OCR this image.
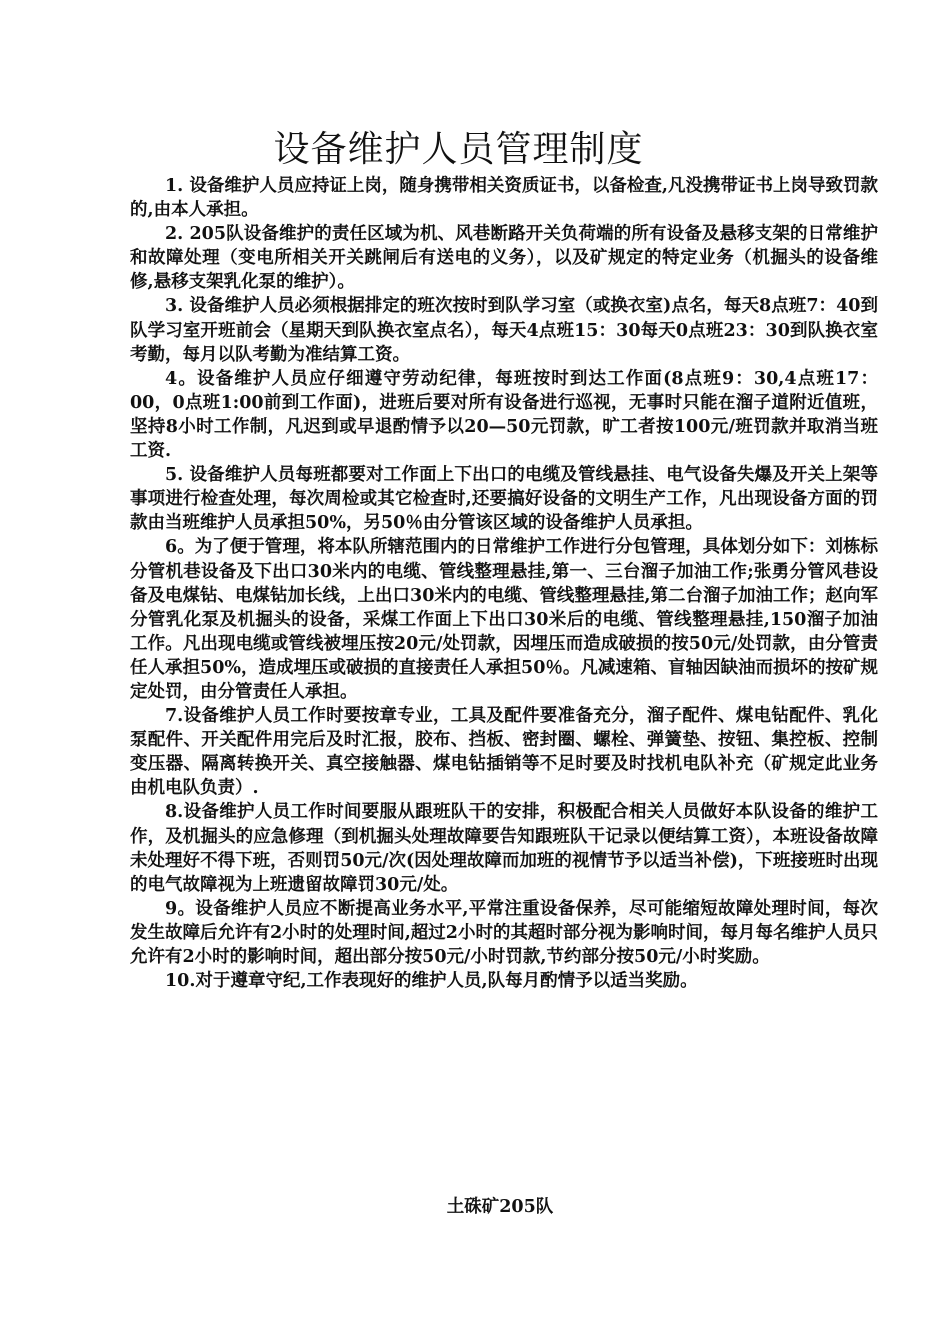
设备维护人员管理制度

1. 设备维护人员应持证上岗，随身携带相关资质证书，以备检查,凡没携带证书上岗导致罚款的,由本人承担。

2. 205队设备维护的责任区域为机、风巷断路开关负荷端的所有设备及悬移支架的日常维护和故障处理（变电所相关开关跳闸后有送电的义务），以及矿规定的特定业务（机掘头的设备维修,悬移支架乳化泵的维护）。

3. 设备维护人员必须根据排定的班次按时到队学习室（或换衣室)点名，每天8点班7：40到队学习室开班前会（星期天到队换衣室点名），每天4点班15：30每天0点班23：30到队换衣室考勤，每月以队考勤为准结算工资。

4。设备维护人员应仔细遵守劳动纪律，每班按时到达工作面(8点班9：30,4点班17：00，0点班1:00前到工作面)，进班后要对所有设备进行巡视，无事时只能在溜子道附近值班，坚持8小时工作制，凡迟到或早退酌情予以20—50元罚款，旷工者按100元/班罚款并取消当班工资.

5. 设备维护人员每班都要对工作面上下出口的电缆及管线悬挂、电气设备失爆及开关上架等事项进行检查处理，每次周检或其它检查时,还要搞好设备的文明生产工作，凡出现设备方面的罚款由当班维护人员承担50%，另50％由分管该区域的设备维护人员承担。

6。为了便于管理，将本队所辖范围内的日常维护工作进行分包管理，具体划分如下：刘栋标分管机巷设备及下出口30米内的电缆、管线整理悬挂,第一、三台溜子加油工作;张勇分管风巷设备及电煤钻、电煤钻加长线，上出口30米内的电缆、管线整理悬挂,第二台溜子加油工作；赵向军分管乳化泵及机掘头的设备，采煤工作面上下出口30米后的电缆、管线整理悬挂,150溜子加油工作。凡出现电缆或管线被埋压按20元/处罚款，因埋压而造成破损的按50元/处罚款，由分管责任人承担50%，造成埋压或破损的直接责任人承担50％。凡减速箱、盲轴因缺油而损坏的按矿规定处罚，由分管责任人承担。

7.设备维护人员工作时要按章专业，工具及配件要准备充分，溜子配件、煤电钻配件、乳化泵配件、开关配件用完后及时汇报，胶布、挡板、密封圈、螺栓、弹簧垫、按钮、集控板、控制变压器、隔离转换开关、真空接触器、煤电钻插销等不足时要及时找机电队补充（矿规定此业务由机电队负责）.

8.设备维护人员工作时间要服从跟班队干的安排，积极配合相关人员做好本队设备的维护工作，及机掘头的应急修理（到机掘头处理故障要告知跟班队干记录以便结算工资），本班设备故障未处理好不得下班，否则罚50元/次(因处理故障而加班的视情节予以适当补偿)，下班接班时出现的电气故障视为上班遗留故障罚30元/处。

9。设备维护人员应不断提高业务水平,平常注重设备保养，尽可能缩短故障处理时间，每次发生故障后允许有2小时的处理时间,超过2小时的其超时部分视为影响时间，每月每名维护人员只允许有2小时的影响时间，超出部分按50元/小时罚款,节约部分按50元/小时奖励。

10.对于遵章守纪,工作表现好的维护人员,队每月酌情予以适当奖励。

土硃矿205队
